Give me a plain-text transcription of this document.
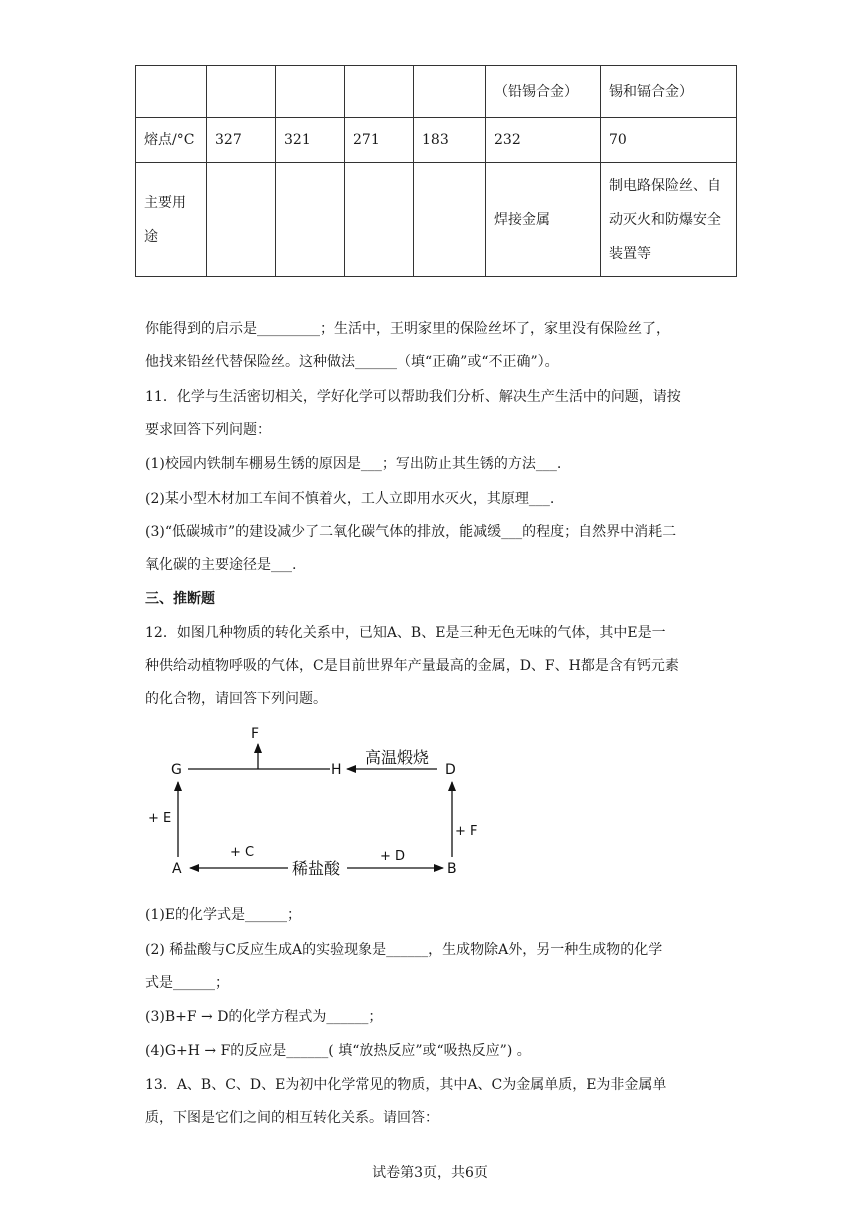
					（铅锡合金）	锡和镉合金）
熔点/°C	327	321	271	183	232	70
主要用途					焊接金属	制电路保险丝、自动灭火和防爆安全装置等
你能得到的启示是_________；生活中，王明家里的保险丝坏了，家里没有保险丝了，
他找来铅丝代替保险丝。这种做法______（填“正确”或“不正确”）。
11．化学与生活密切相关，学好化学可以帮助我们分析、解决生产生活中的问题，请按
要求回答下列问题：
(1)校园内铁制车棚易生锈的原因是___；写出防止其生锈的方法___.
(2)某小型木材加工车间不慎着火，工人立即用水灭火，其原理___.
(3)“低碳城市”的建设减少了二氧化碳气体的排放，能减缓___的程度；自然界中消耗二
氧化碳的主要途径是___.
三、推断题
12．如图几种物质的转化关系中，已知A、B、E是三种无色无味的气体，其中E是一
种供给动植物呼吸的气体，C是目前世界年产量最高的金属，D、F、H都是含有钙元素
的化合物，请回答下列问题。
F
G	H	D
A	B
高温煅烧
+ E
+ F
+ C	+ D
稀盐酸
(1)E的化学式是______；
(2) 稀盐酸与C反应生成A的实验现象是______，生成物除A外，另一种生成物的化学
式是______；
(3)B+F → D的化学方程式为______；
(4)G+H → F的反应是______( 填“放热反应”或“吸热反应”) 。
13．A、B、C、D、E为初中化学常见的物质，其中A、C为金属单质，E为非金属单
质，下图是它们之间的相互转化关系。请回答：
试卷第3页，共6页
